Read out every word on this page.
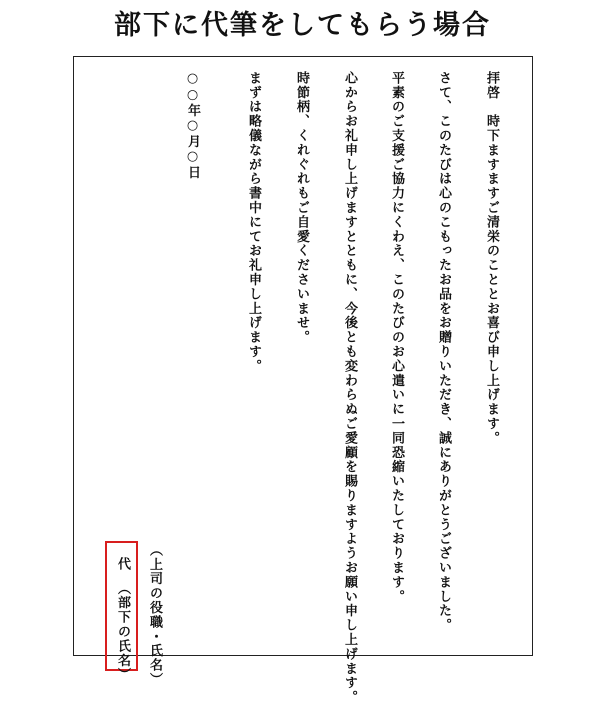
部下に代筆をしてもらう場合
拝啓　時下ますますご清栄のこととお喜び申し上げます。
さて、このたびは心のこもったお品をお贈りいただき、誠にありがとうございました。
平素のご支援ご協力にくわえ、このたびのお心遣いに一同恐縮いたしております。
心からお礼申し上げますとともに、今後とも変わらぬご愛顧を賜りますようお願い申し上げます。
時節柄、くれぐれもご自愛くださいませ。
まずは略儀ながら書中にてお礼申し上げます。
○○年○月○日
（上司の役職・氏名）
代（部下の氏名）
